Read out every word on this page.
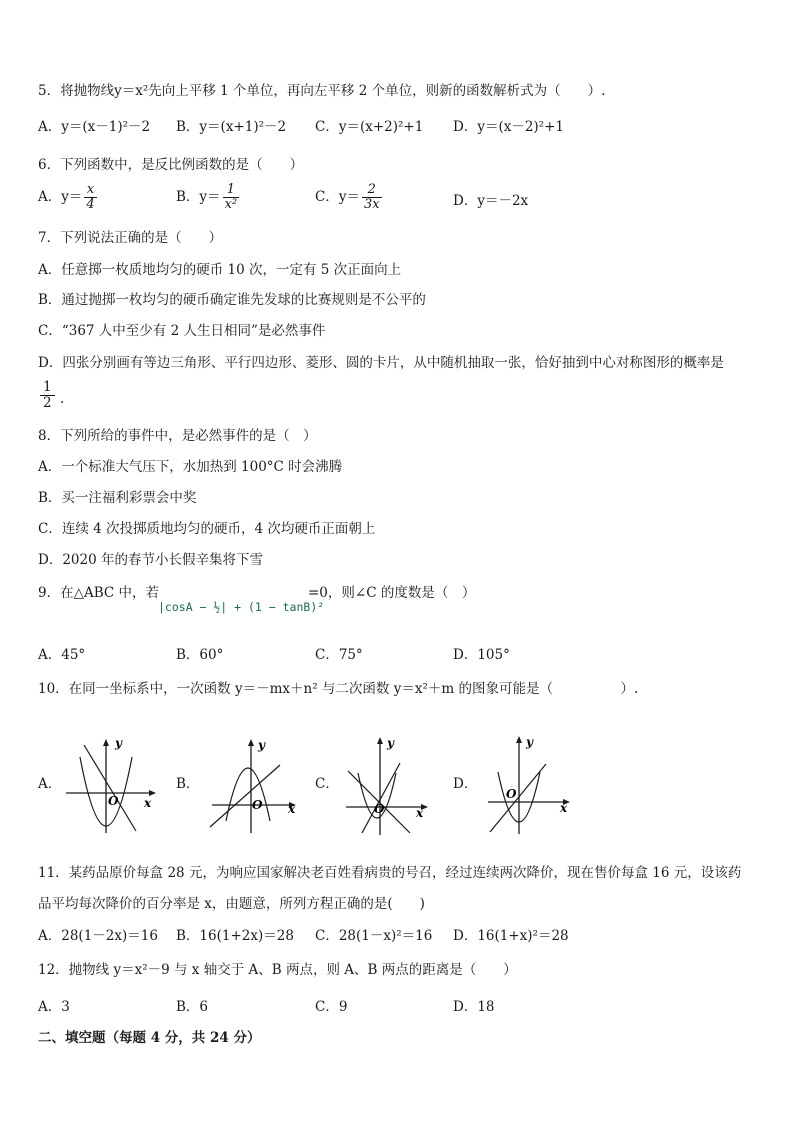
5．将抛物线y＝x²先向上平移 1 个单位，再向左平移 2 个单位，则新的函数解析式为（　　）.
A．y＝(x－1)²－2 B．y＝(x+1)²－2 C．y＝(x+2)²+1 D．y＝(x－2)²+1
6．下列函数中，是反比例函数的是（　　）
A．$y= \frac{x}{4}$	B．$y= \frac{1}{\text{x²}}$	C．$y= \frac{2}{3x}$	D．y＝－2x
7．下列说法正确的是（　　）
A．任意掷一枚质地均匀的硬币 10 次，一定有 5 次正面向上
B．通过抛掷一枚均匀的硬币确定谁先发球的比赛规则是不公平的
C．“367 人中至少有 2 人生日相同”是必然事件
D．四张分别画有等边三角形、平行四边形、菱形、圆的卡片，从中随机抽取一张，恰好抽到中心对称图形的概率是
$\frac{1}{2}$ .
8．下列所给的事件中，是必然事件的是（　）
A．一个标准大气压下，水加热到 100°C 时会沸腾
B．买一注福利彩票会中奖
C．连续 4 次投掷质地均匀的硬币，4 次均硬币正面朝上
D．2020 年的春节小长假辛集将下雪
9．在△ABC 中，若
|cosA − ½| + (1 − tanB)²
=0，则∠C 的度数是（　）
A．45°	B．60°	C．75°	D．105°
10．在同一坐标系中，一次函数 y＝－mx＋n² 与二次函数 y＝x²＋m 的图象可能是（　　　　　）.
A．
y
x
O
B．
y
x
O
C．
y
x
O
D．
y
x
O
11．某药品原价每盒 28 元，为响应国家解决老百姓看病贵的号召，经过连续两次降价，现在售价每盒 16 元，设该药
品平均每次降价的百分率是 x，由题意，所列方程正确的是(　　)
A．28(1－2x)＝16 B．16(1+2x)＝28 C．28(1－x)²＝16 D．16(1+x)²＝28
12．抛物线 y＝x²－9 与 x 轴交于 A、B 两点，则 A、B 两点的距离是（　　）
A．3	B．6	C．9	D．18
二、填空题（每题 4 分，共 24 分）
